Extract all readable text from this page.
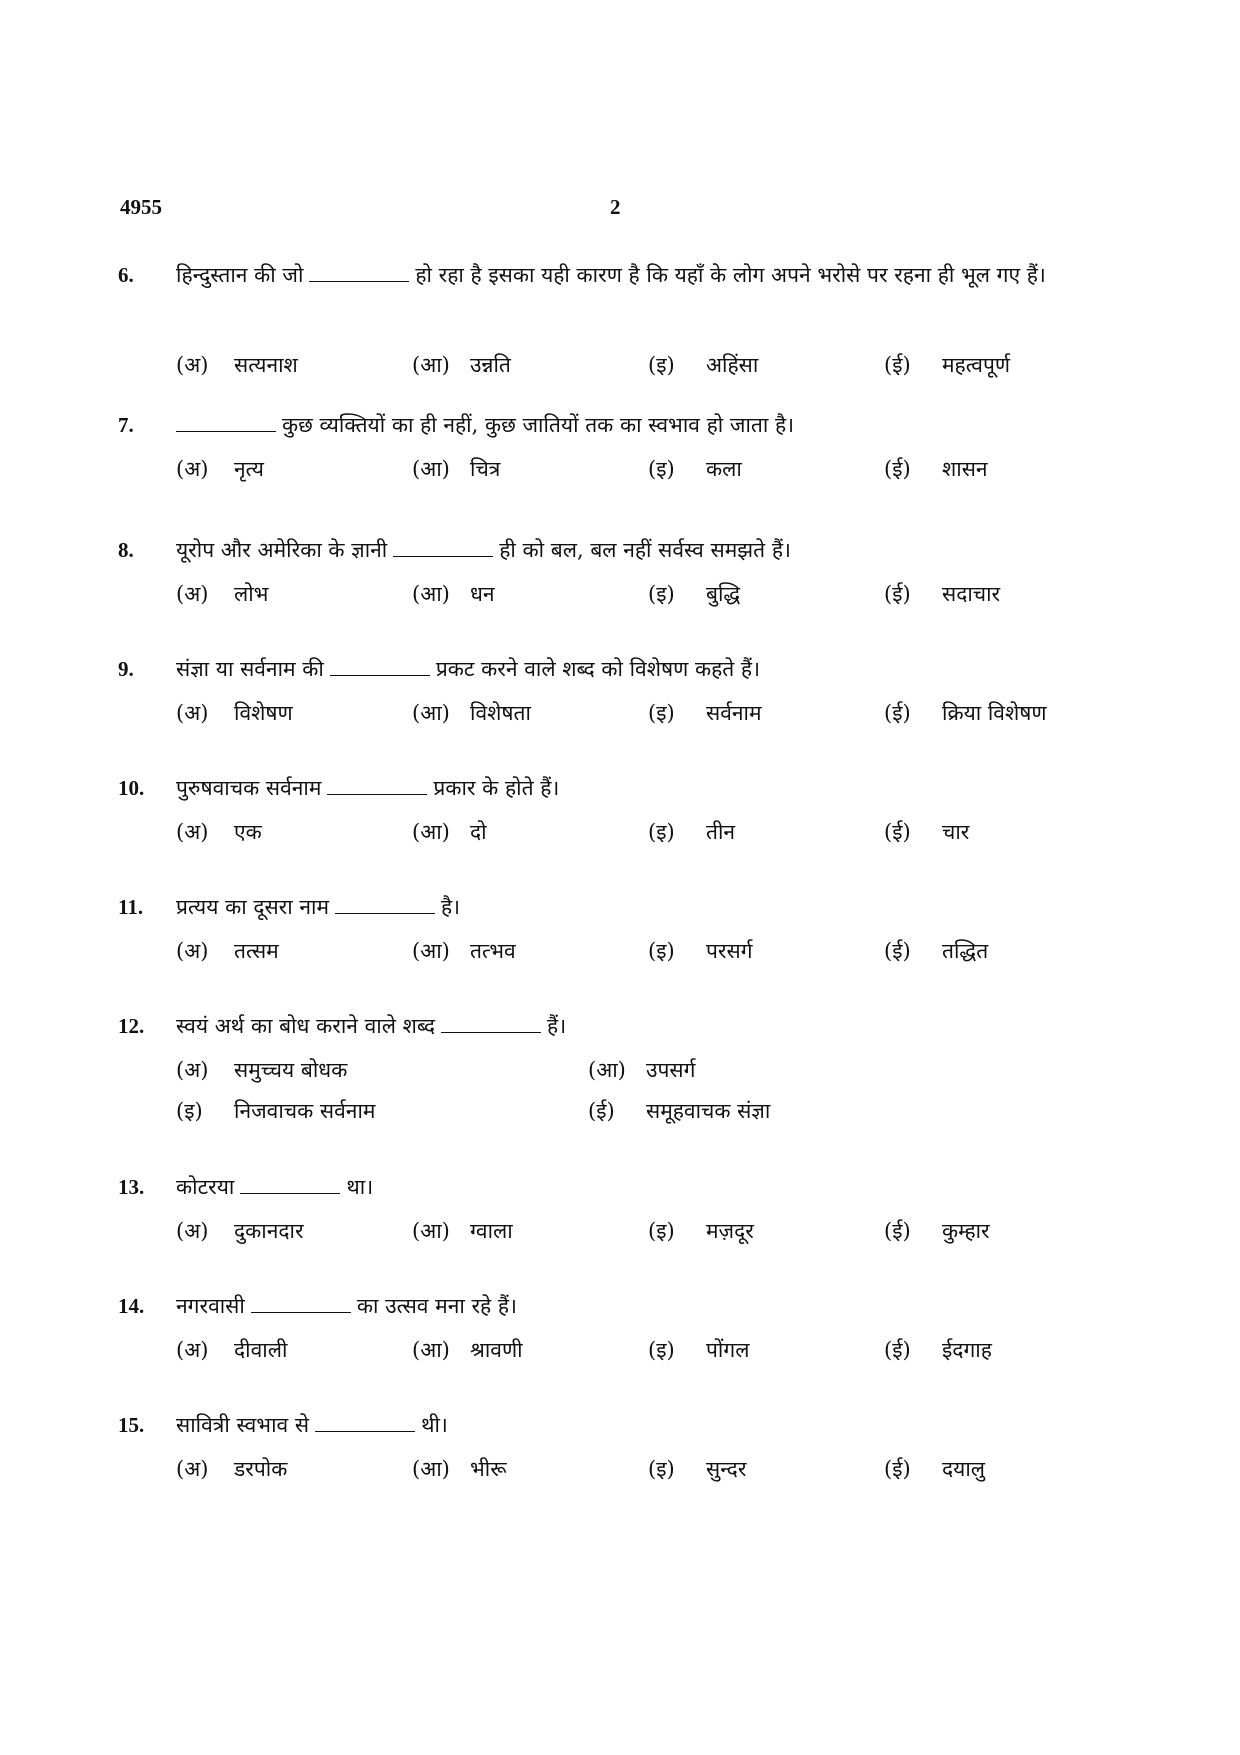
4955	2
6. हिन्दुस्तान की जो	हो रहा है इसका यही कारण है कि यहाँ के लोग अपने भरोसे पर रहना ही भूल गए हैं।
(अ) सत्यनाश	(आ) उन्नति	(इ) अहिंसा	(ई) महत्वपूर्ण
7.	कुछ व्यक्तियों का ही नहीं, कुछ जातियों तक का स्वभाव हो जाता है।
(अ) नृत्य	(आ) चित्र	(इ) कला	(ई) शासन
8. यूरोप और अमेरिका के ज्ञानी	ही को बल, बल नहीं सर्वस्व समझते हैं।
(अ) लोभ	(आ) धन	(इ) बुद्धि	(ई) सदाचार
9. संज्ञा या सर्वनाम की	प्रकट करने वाले शब्द को विशेषण कहते हैं।
(अ) विशेषण	(आ) विशेषता	(इ) सर्वनाम	(ई) क्रिया विशेषण
10. पुरुषवाचक सर्वनाम	प्रकार के होते हैं।
(अ) एक	(आ) दो	(इ) तीन	(ई) चार
11. प्रत्यय का दूसरा नाम	है।
(अ) तत्सम	(आ) तत्भव	(इ) परसर्ग	(ई) तद्धित
12. स्वयं अर्थ का बोध कराने वाले शब्द	हैं।
(अ) समुच्चय बोधक	(आ) उपसर्ग
(इ) निजवाचक सर्वनाम	(ई) समूहवाचक संज्ञा
13. कोटरया	था।
(अ) दुकानदार	(आ) ग्वाला	(इ) मज़दूर	(ई) कुम्हार
14. नगरवासी	का उत्सव मना रहे हैं।
(अ) दीवाली	(आ) श्रावणी	(इ) पोंगल	(ई) ईदगाह
15. सावित्री स्वभाव से	थी।
(अ) डरपोक	(आ) भीरू	(इ) सुन्दर	(ई) दयालु
